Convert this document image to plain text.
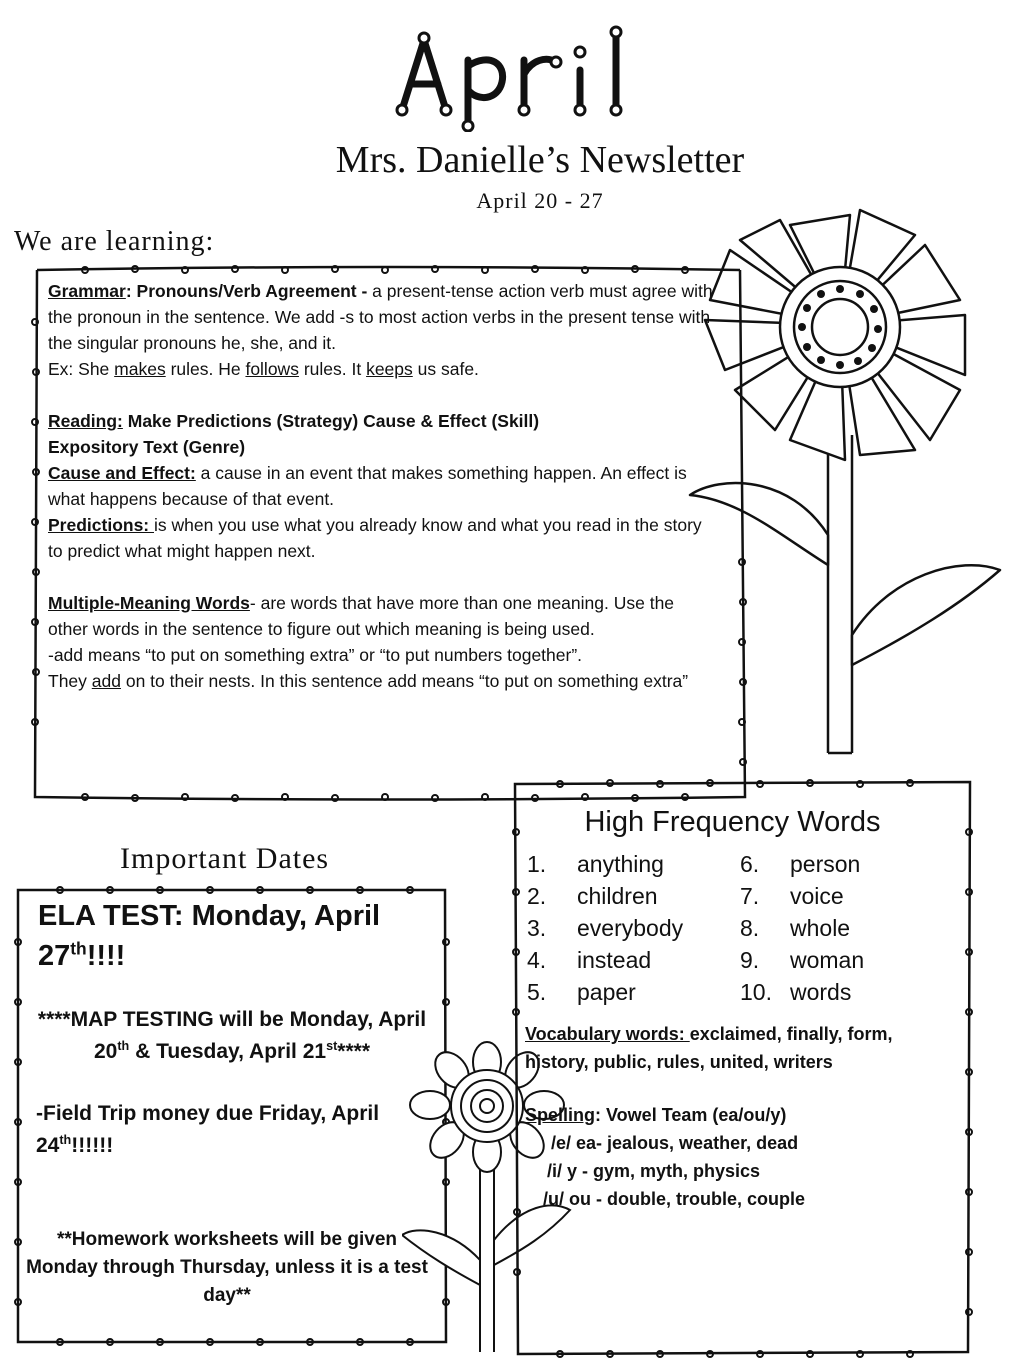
Mrs. Danielle’s Newsletter
April 20 - 27
We are learning:

Grammar: Pronouns/Verb Agreement - a present-tense action verb must agree with the pronoun in the sentence. We add -s to most action verbs in the present tense with the singular pronouns he, she, and it.

Ex: She makes rules. He follows rules. It keeps us safe.

Reading: Make Predictions (Strategy) Cause & Effect (Skill)

Expository Text (Genre)

Cause and Effect: a cause in an event that makes something happen. An effect is what happens because of that event.

Predictions: is when you use what you already know and what you read in the story to predict what might happen next.

Multiple-Meaning Words- are words that have more than one meaning. Use the other words in the sentence to figure out which meaning is being used.

-add means “to put on something extra” or “to put numbers together”.

They add on to their nests. In this sentence add means “to put on something extra”

Important Dates

ELA TEST: Monday, April 27th!!!!

****MAP TESTING will be Monday, April 20th & Tuesday, April 21st****

-Field Trip money due Friday, April 24th!!!!!!

**Homework worksheets will be given Monday through Thursday, unless it is a test day**

High Frequency Words
1.	anything
2.	children
3.	everybody
4.	instead
5.	paper
6.	person
7.	voice
8.	whole
9.	woman
10. words
Vocabulary words: exclaimed, finally, form, history, public, rules, united, writers

Spelling: Vowel Team (ea/ou/y)

/e/ ea- jealous, weather, dead

/i/ y - gym, myth, physics

/u/ ou - double, trouble, couple
